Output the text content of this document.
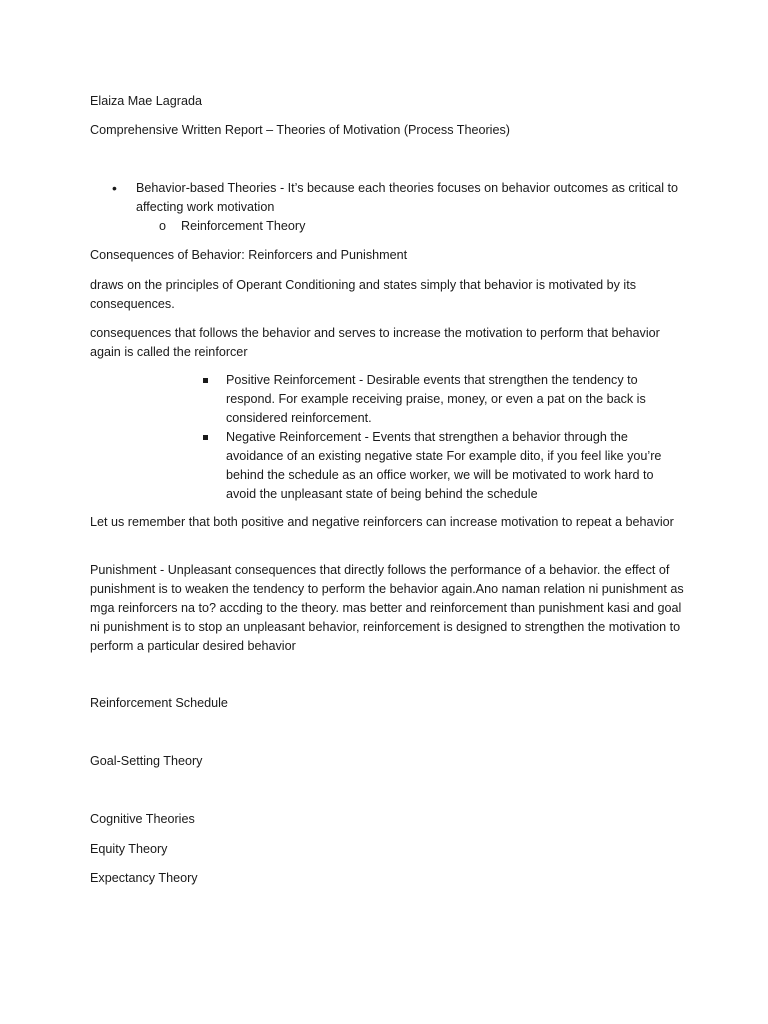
Elaiza Mae Lagrada
Comprehensive Written Report – Theories of Motivation (Process Theories)
• Behavior-based Theories - It’s because each theories focuses on behavior outcomes as critical to affecting work motivation
o Reinforcement Theory
Consequences of Behavior: Reinforcers and Punishment
draws on the principles of Operant Conditioning and states simply that behavior is motivated by its consequences.
consequences that follows the behavior and serves to increase the motivation to perform that behavior again is called the reinforcer
Positive Reinforcement - Desirable events that strengthen the tendency to respond. For example receiving praise, money, or even a pat on the back is considered reinforcement.
Negative Reinforcement - Events that strengthen a behavior through the avoidance of an existing negative state For example dito, if you feel like you’re behind the schedule as an office worker, we will be motivated to work hard to avoid the unpleasant state of being behind the schedule
Let us remember that both positive and negative reinforcers can increase motivation to repeat a behavior
Punishment - Unpleasant consequences that directly follows the performance of a behavior. the effect of punishment is to weaken the tendency to perform the behavior again.Ano naman relation ni punishment as mga reinforcers na to? accding to the theory. mas better and reinforcement than punishment kasi and goal ni punishment is to stop an unpleasant behavior, reinforcement is designed to strengthen the motivation to perform a particular desired behavior
Reinforcement Schedule
Goal-Setting Theory
Cognitive Theories
Equity Theory
Expectancy Theory
